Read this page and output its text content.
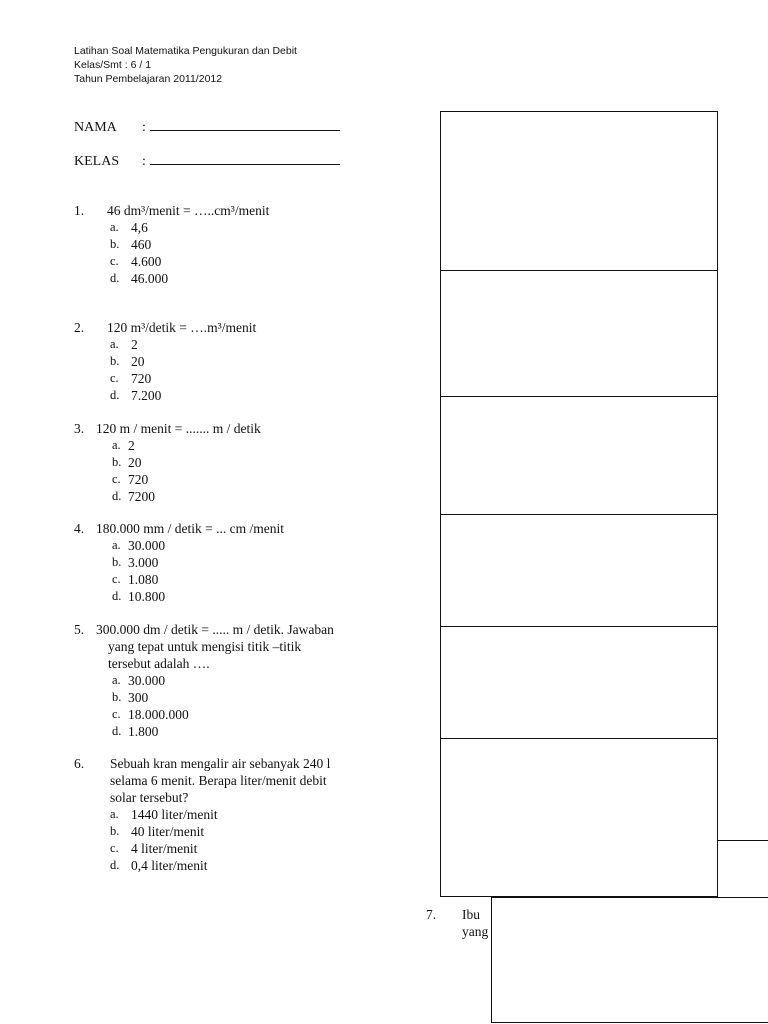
Latihan Soal Matematika Pengukuran dan Debit
Kelas/Smt : 6 / 1
Tahun Pembelajaran 2011/2012
NAMA :
KELAS :
1.	46 dm³/menit = …..cm³/menit
a. 4,6
b. 460
c. 4.600
d. 46.000
2.	120 m³/detik = ….m³/menit
a. 2
b. 20
c. 720
d. 7.200
3. 120 m / menit = ....... m / detik
a. 2
b. 20
c. 720
d. 7200
4. 180.000 mm / detik = ... cm /menit
a. 30.000
b. 3.000
c. 1.080
d. 10.800
5. 300.000 dm / detik = ..... m / detik. Jawaban
yang tepat untuk mengisi titik –titik
tersebut adalah ….
a. 30.000
b. 300
c. 18.000.000
d. 1.800
6.	Sebuah kran mengalir air sebanyak 240 l
selama 6 menit. Berapa liter/menit debit
solar tersebut?
a. 1440 liter/menit
b. 40 liter/menit
c. 4 liter/menit
d. 0,4 liter/menit
7.	Ibu
yang
